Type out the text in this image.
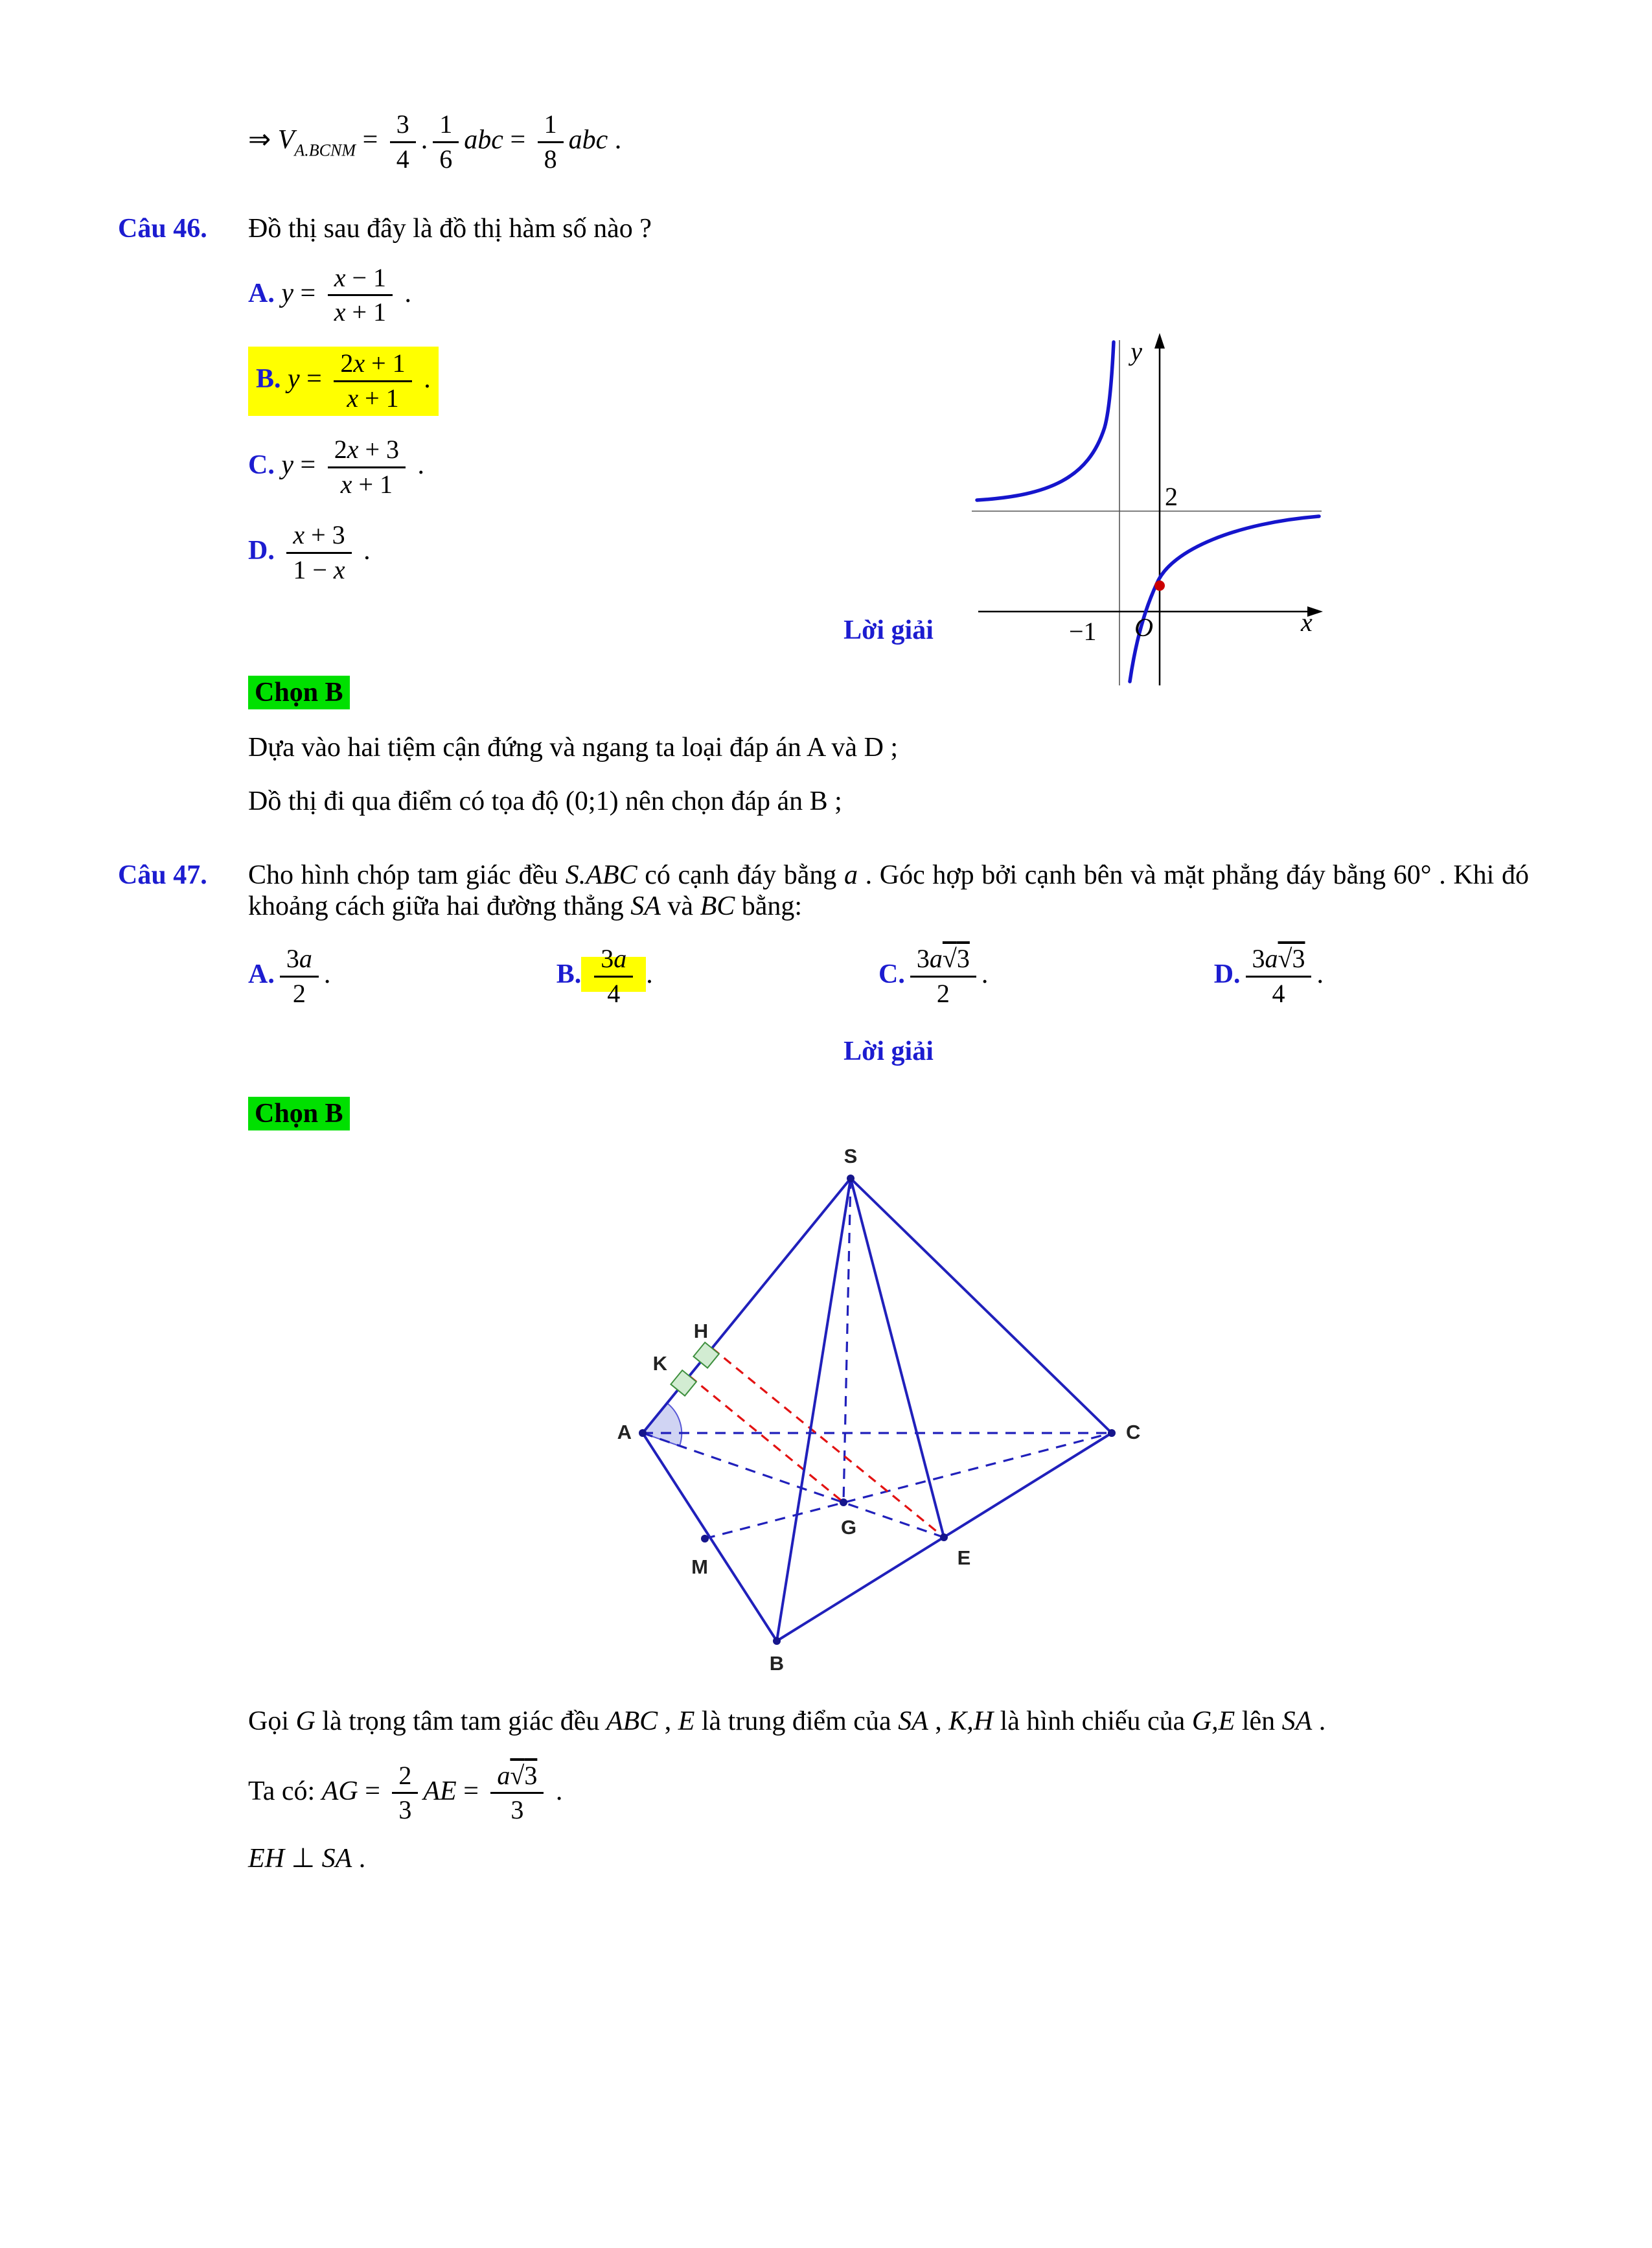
⇒ $V_{A.BCNM} = \frac{3}{4}$ . $\frac{1}{6}$ abc = $\frac{1}{8}$ abc .
Câu 46. Đồ thị sau đây là đồ thị hàm số nào ?
A. $y = \frac{x - 1}{x + 1}$ .
B. $y = \frac{2x + 1}{x + 1}$ .
C. $y = \frac{2x + 3}{x + 1}$ .
D. $\frac{x + 3}{1 - x}$ .
Lời giải
Chọn B

Dựa vào hai tiệm cận đứng và ngang ta loại đáp án A và D ;

Dồ thị đi qua điểm có tọa độ (0;1) nên chọn đáp án B ;

y
x
O
2
−1
Câu 47. Cho hình chóp tam giác đều S.ABC có cạnh đáy bằng a . Góc hợp bởi cạnh bên và mặt phẳng đáy bằng 60° . Khi đó khoảng cách giữa hai đường thẳng SA và BC bằng:
A. $\frac{3a}{2}$ .	B. $\frac{3a}{4}$ .	C. $\frac{3a √ 3}{2}$ .	D. $\frac{3a √ 3}{4}$ .
Lời giải
Chọn B
S
H
K
A	C
M
G
E
B

Gọi G là trọng tâm tam giác đều ABC , E là trung điểm của SA , K,H là hình chiếu của G,E lên SA .

Ta có: AG = $\frac{2}{3}$ AE = $\frac{a √ 3}{3}$ .

EH ⊥ SA .
